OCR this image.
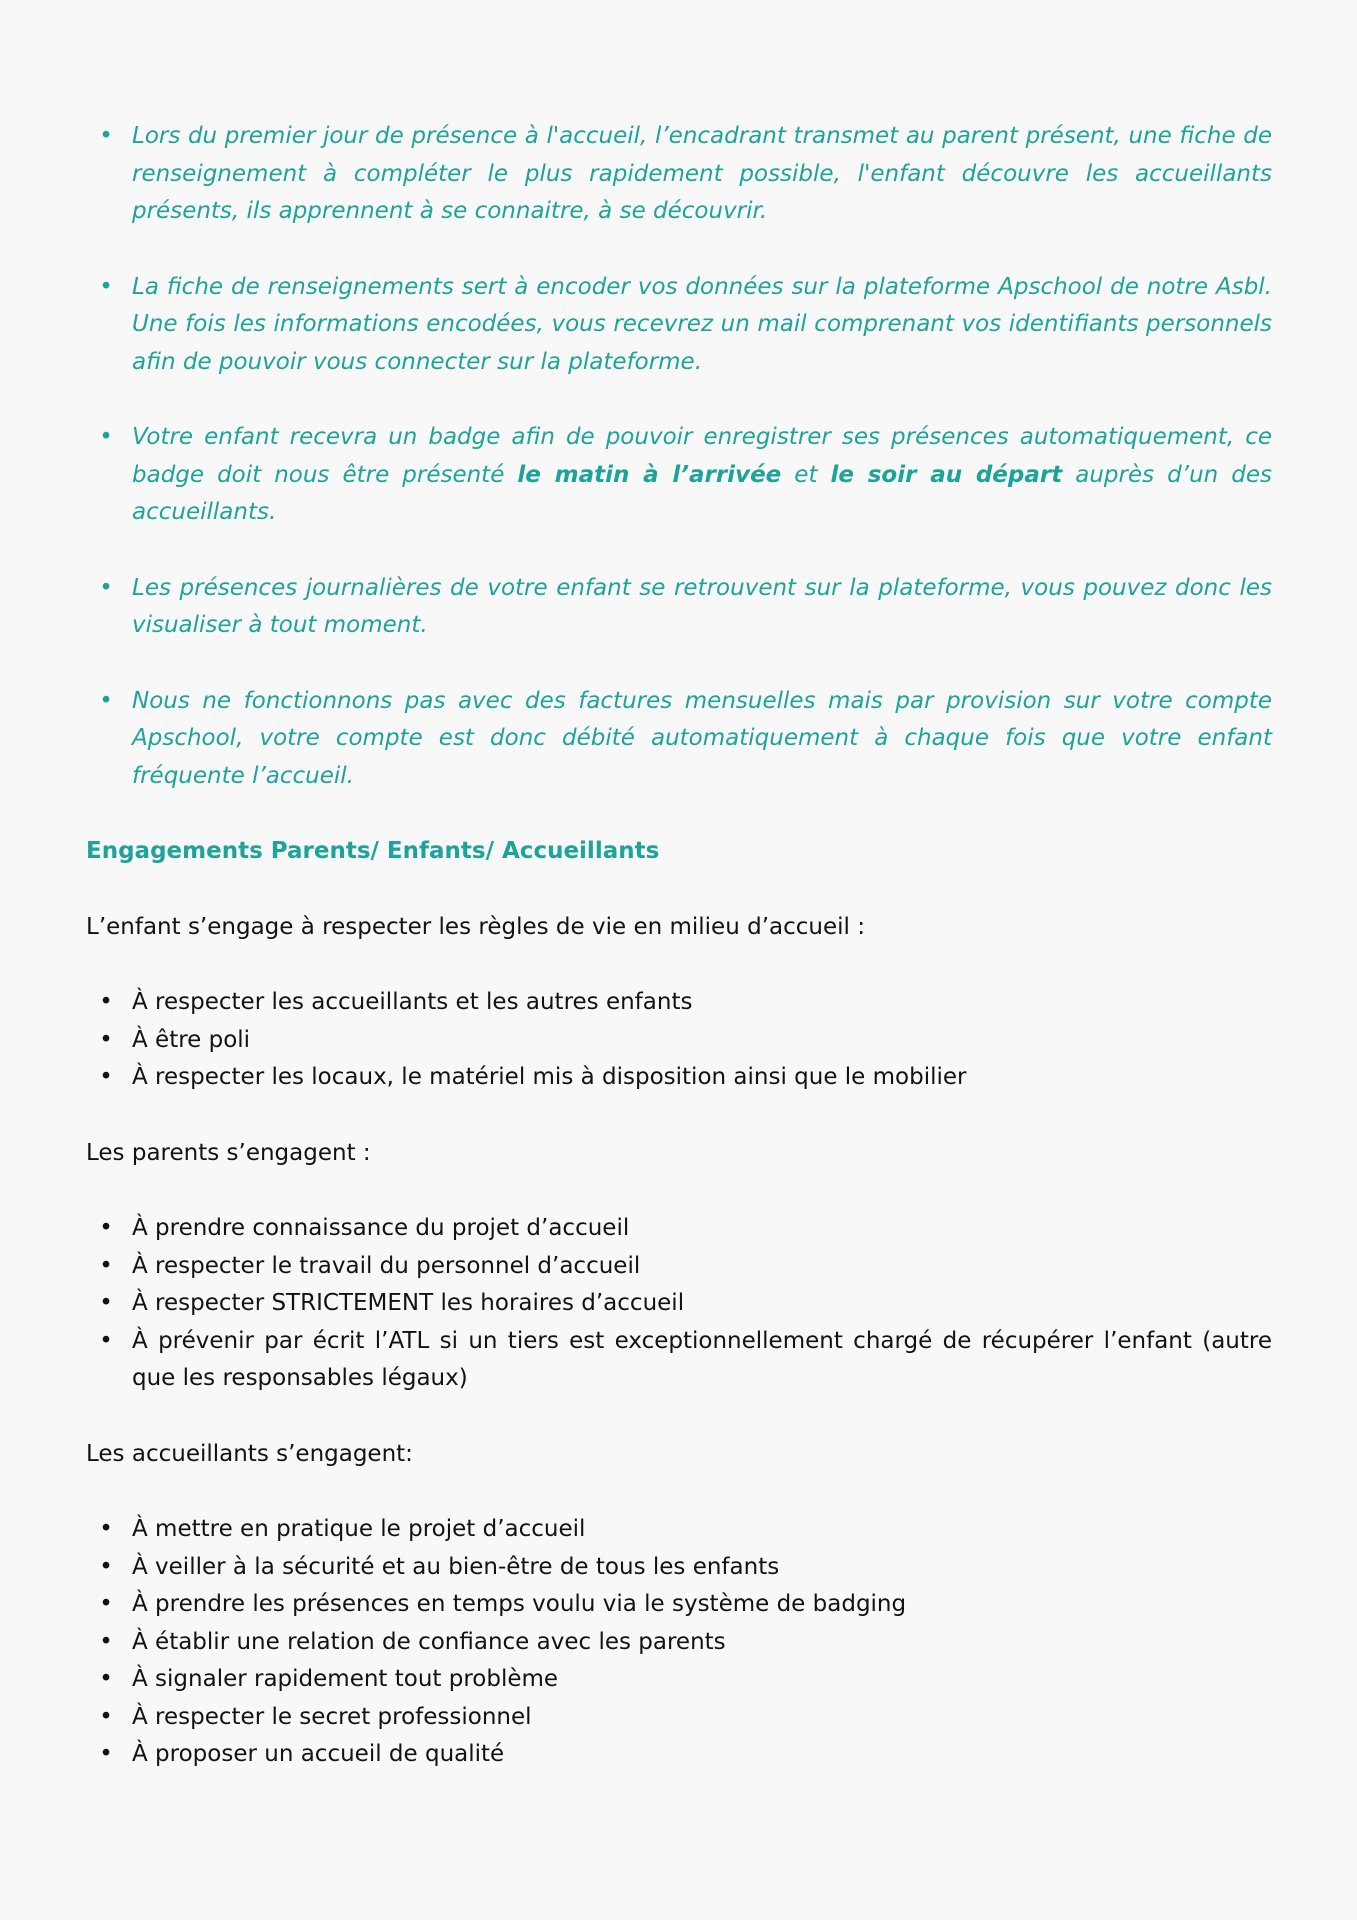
• Lors du premier jour de présence à l'accueil, l’encadrant transmet au parent présent, une fiche de renseignement à compléter le plus rapidement possible, l'enfant découvre les accueillants présents, ils apprennent à se connaitre, à se découvrir.
• La fiche de renseignements sert à encoder vos données sur la plateforme Apschool de notre Asbl. Une fois les informations encodées, vous recevrez un mail comprenant vos identifiants personnels afin de pouvoir vous connecter sur la plateforme.
• Votre enfant recevra un badge afin de pouvoir enregistrer ses présences automatiquement, ce badge doit nous être présenté le matin à l’arrivée et le soir au départ auprès d’un des accueillants.
• Les présences journalières de votre enfant se retrouvent sur la plateforme, vous pouvez donc les visualiser à tout moment.
• Nous ne fonctionnons pas avec des factures mensuelles mais par provision sur votre compte Apschool, votre compte est donc débité automatiquement à chaque fois que votre enfant fréquente l’accueil.
Engagements Parents/ Enfants/ Accueillants
L’enfant s’engage à respecter les règles de vie en milieu d’accueil :
• À respecter les accueillants et les autres enfants
• À être poli
• À respecter les locaux, le matériel mis à disposition ainsi que le mobilier
Les parents s’engagent :
• À prendre connaissance du projet d’accueil
• À respecter le travail du personnel d’accueil
• À respecter STRICTEMENT les horaires d’accueil
• À prévenir par écrit l’ATL si un tiers est exceptionnellement chargé de récupérer l’enfant (autre que les responsables légaux)
Les accueillants s’engagent:
• À mettre en pratique le projet d’accueil
• À veiller à la sécurité et au bien-être de tous les enfants
• À prendre les présences en temps voulu via le système de badging
• À établir une relation de confiance avec les parents
• À signaler rapidement tout problème
• À respecter le secret professionnel
• À proposer un accueil de qualité
